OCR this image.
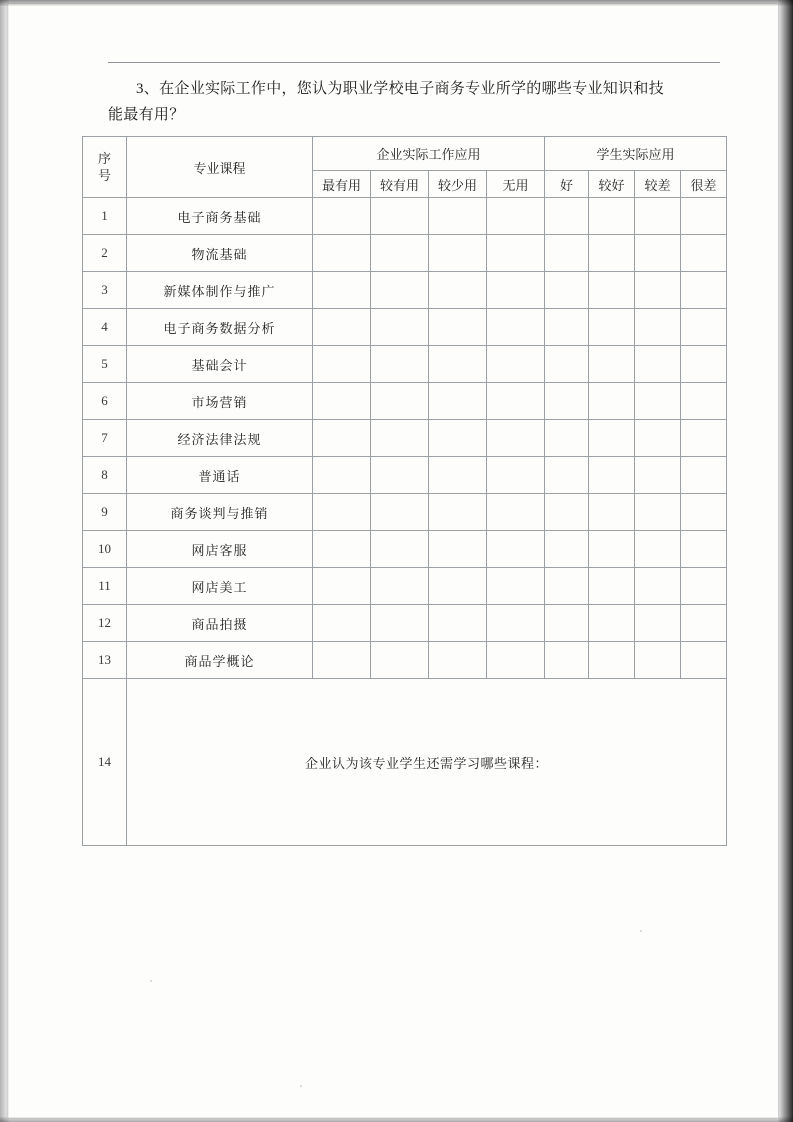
3、在企业实际工作中，您认为职业学校电子商务专业所学的哪些专业知识和技
能最有用？
序
号	专业课程	企业实际工作应用				学生实际应用			
		最有用	较有用	较少用	无用	好	较好	较差	很差
1	电子商务基础								
2	物流基础								
3	新媒体制作与推广								
4	电子商务数据分析								
5	基础会计								
6	市场营销								
7	经济法律法规								
8	普通话								
9	商务谈判与推销								
10	网店客服								
11	网店美工								
12	商品拍摄								
13	商品学概论								
14	企业认为该专业学生还需学习哪些课程：								
